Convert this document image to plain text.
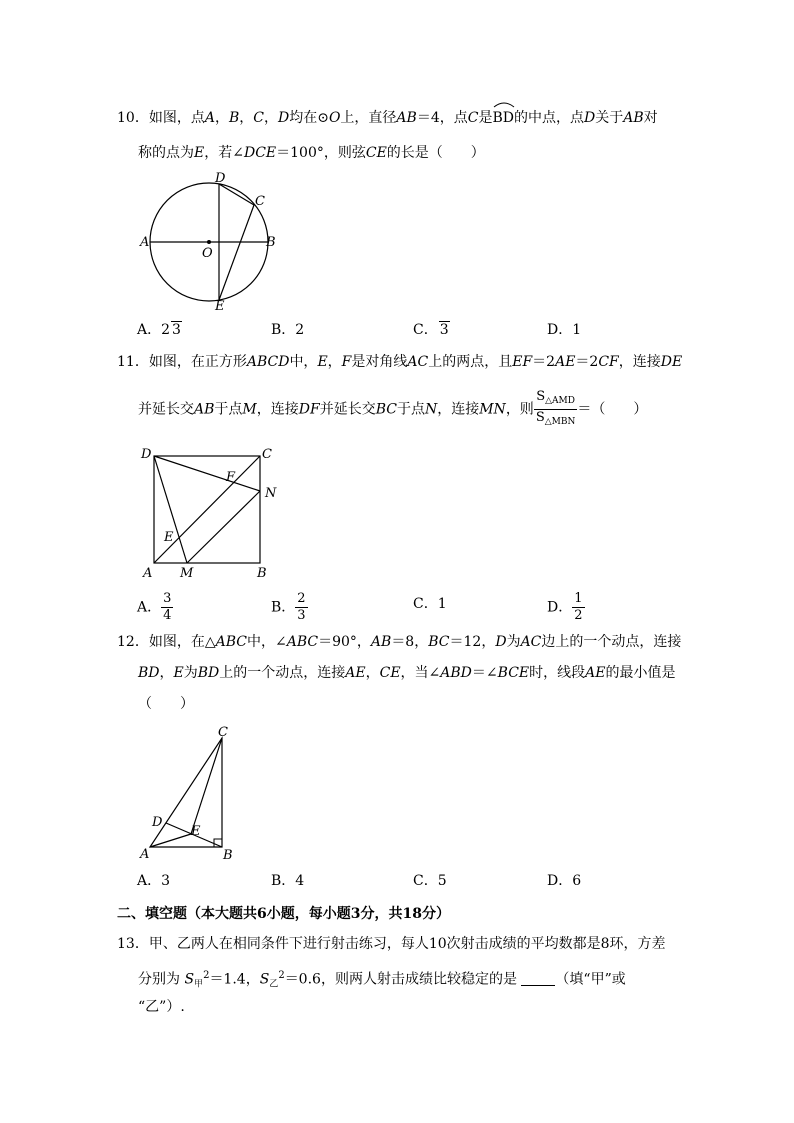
10．如图，点A，B，C，D均在⊙O上，直径AB＝4，点C是
BD的中点，点D关于AB对
称的点为E，若∠DCE＝100°，则弦CE的长是（　　）
D
C
A
O
B
E
A．2 3	B．2	C． 3	D．1
11．如图，在正方形ABCD中，E，F是对角线AC上的两点，且EF＝2AE＝2CF，连接DE
并延长交AB于点M，连接DF并延长交BC于点N，连接MN，则 $\frac{S_{\triangle AMD}}{S_{\triangle MBN}}$ ＝（　　）
D	C
F
N
E
A M	B
A． $\frac{3}{4}$	B． $\frac{2}{3}$	C．1	D． $\frac{1}{2}$
12．如图，在△ABC中，∠ABC＝90°，AB＝8，BC＝12，D为AC边上的一个动点，连接
BD，E为BD上的一个动点，连接AE，CE，当∠ABD＝∠BCE时，线段AE的最小值是
（　　）
C
D
E
A	B
A．3	B．4	C．5	D．6
二、填空题（本大题共6小题，每小题3分，共18分）
13．甲、乙两人在相同条件下进行射击练习，每人10次射击成绩的平均数都是8环，方差
分别为 $S_甲^2=1.4$，$S_乙^2=0.6$，则两人射击成绩比较稳定的是	（填“甲”或
“乙”）.
